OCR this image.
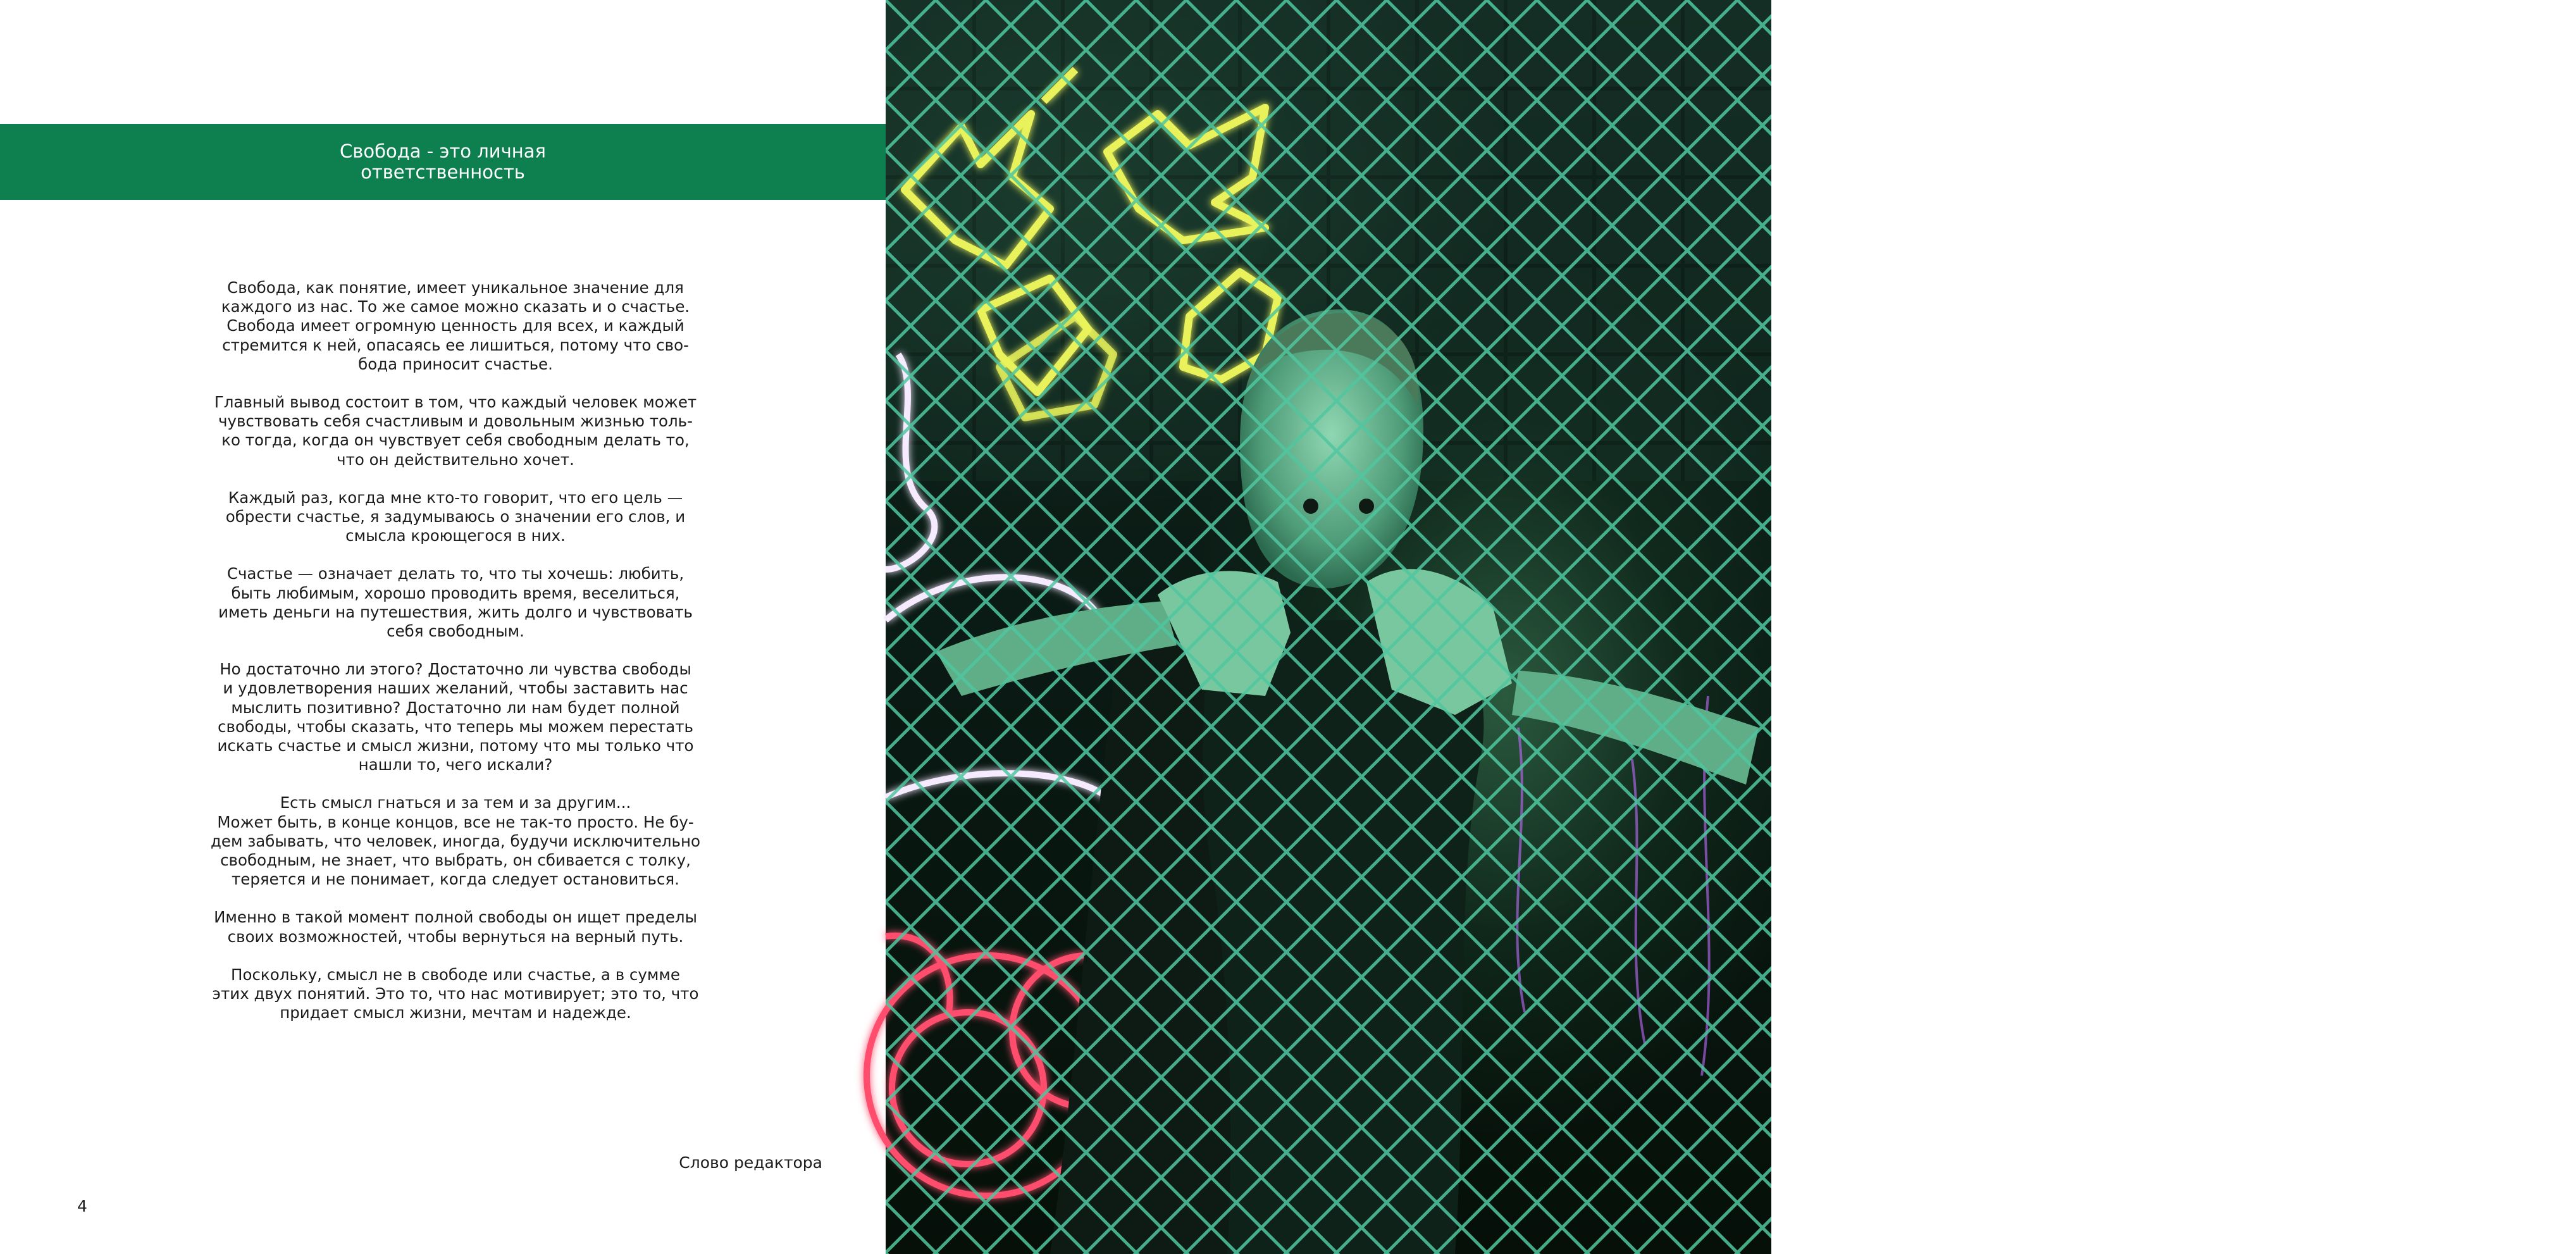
Свобода - это личная
ответственность
Свобода, как понятие, имеет уникальное значение для
каждого из нас. То же самое можно сказать и о счастье.
Свобода имеет огромную ценность для всех, и каждый
стремится к ней, опасаясь ее лишиться, потому что сво-
бода приносит счастье.
Главный вывод состоит в том, что каждый человек может
чувствовать себя счастливым и довольным жизнью толь-
ко тогда, когда он чувствует себя свободным делать то,
что он действительно хочет.
Каждый раз, когда мне кто-то говорит, что его цель —
обрести счастье, я задумываюсь о значении его слов, и
смысла кроющегося в них.
Счастье — означает делать то, что ты хочешь: любить,
быть любимым, хорошо проводить время, веселиться,
иметь деньги на путешествия, жить долго и чувствовать
себя свободным.
Но достаточно ли этого? Достаточно ли чувства свободы
и удовлетворения наших желаний, чтобы заставить нас
мыслить позитивно? Достаточно ли нам будет полной
свободы, чтобы сказать, что теперь мы можем перестать
искать счастье и смысл жизни, потому что мы только что
нашли то, чего искали?
Есть смысл гнаться и за тем и за другим...
Может быть, в конце концов, все не так-то просто. Не бу-
дем забывать, что человек, иногда, будучи исключительно
свободным, не знает, что выбрать, он сбивается с толку,
теряется и не понимает, когда следует остановиться.
Именно в такой момент полной свободы он ищет пределы
своих возможностей, чтобы вернуться на верный путь.
Поскольку, смысл не в свободе или счастье, а в сумме
этих двух понятий. Это то, что нас мотивирует; это то, что
придает смысл жизни, мечтам и надежде.
Слово редактора
4	5
